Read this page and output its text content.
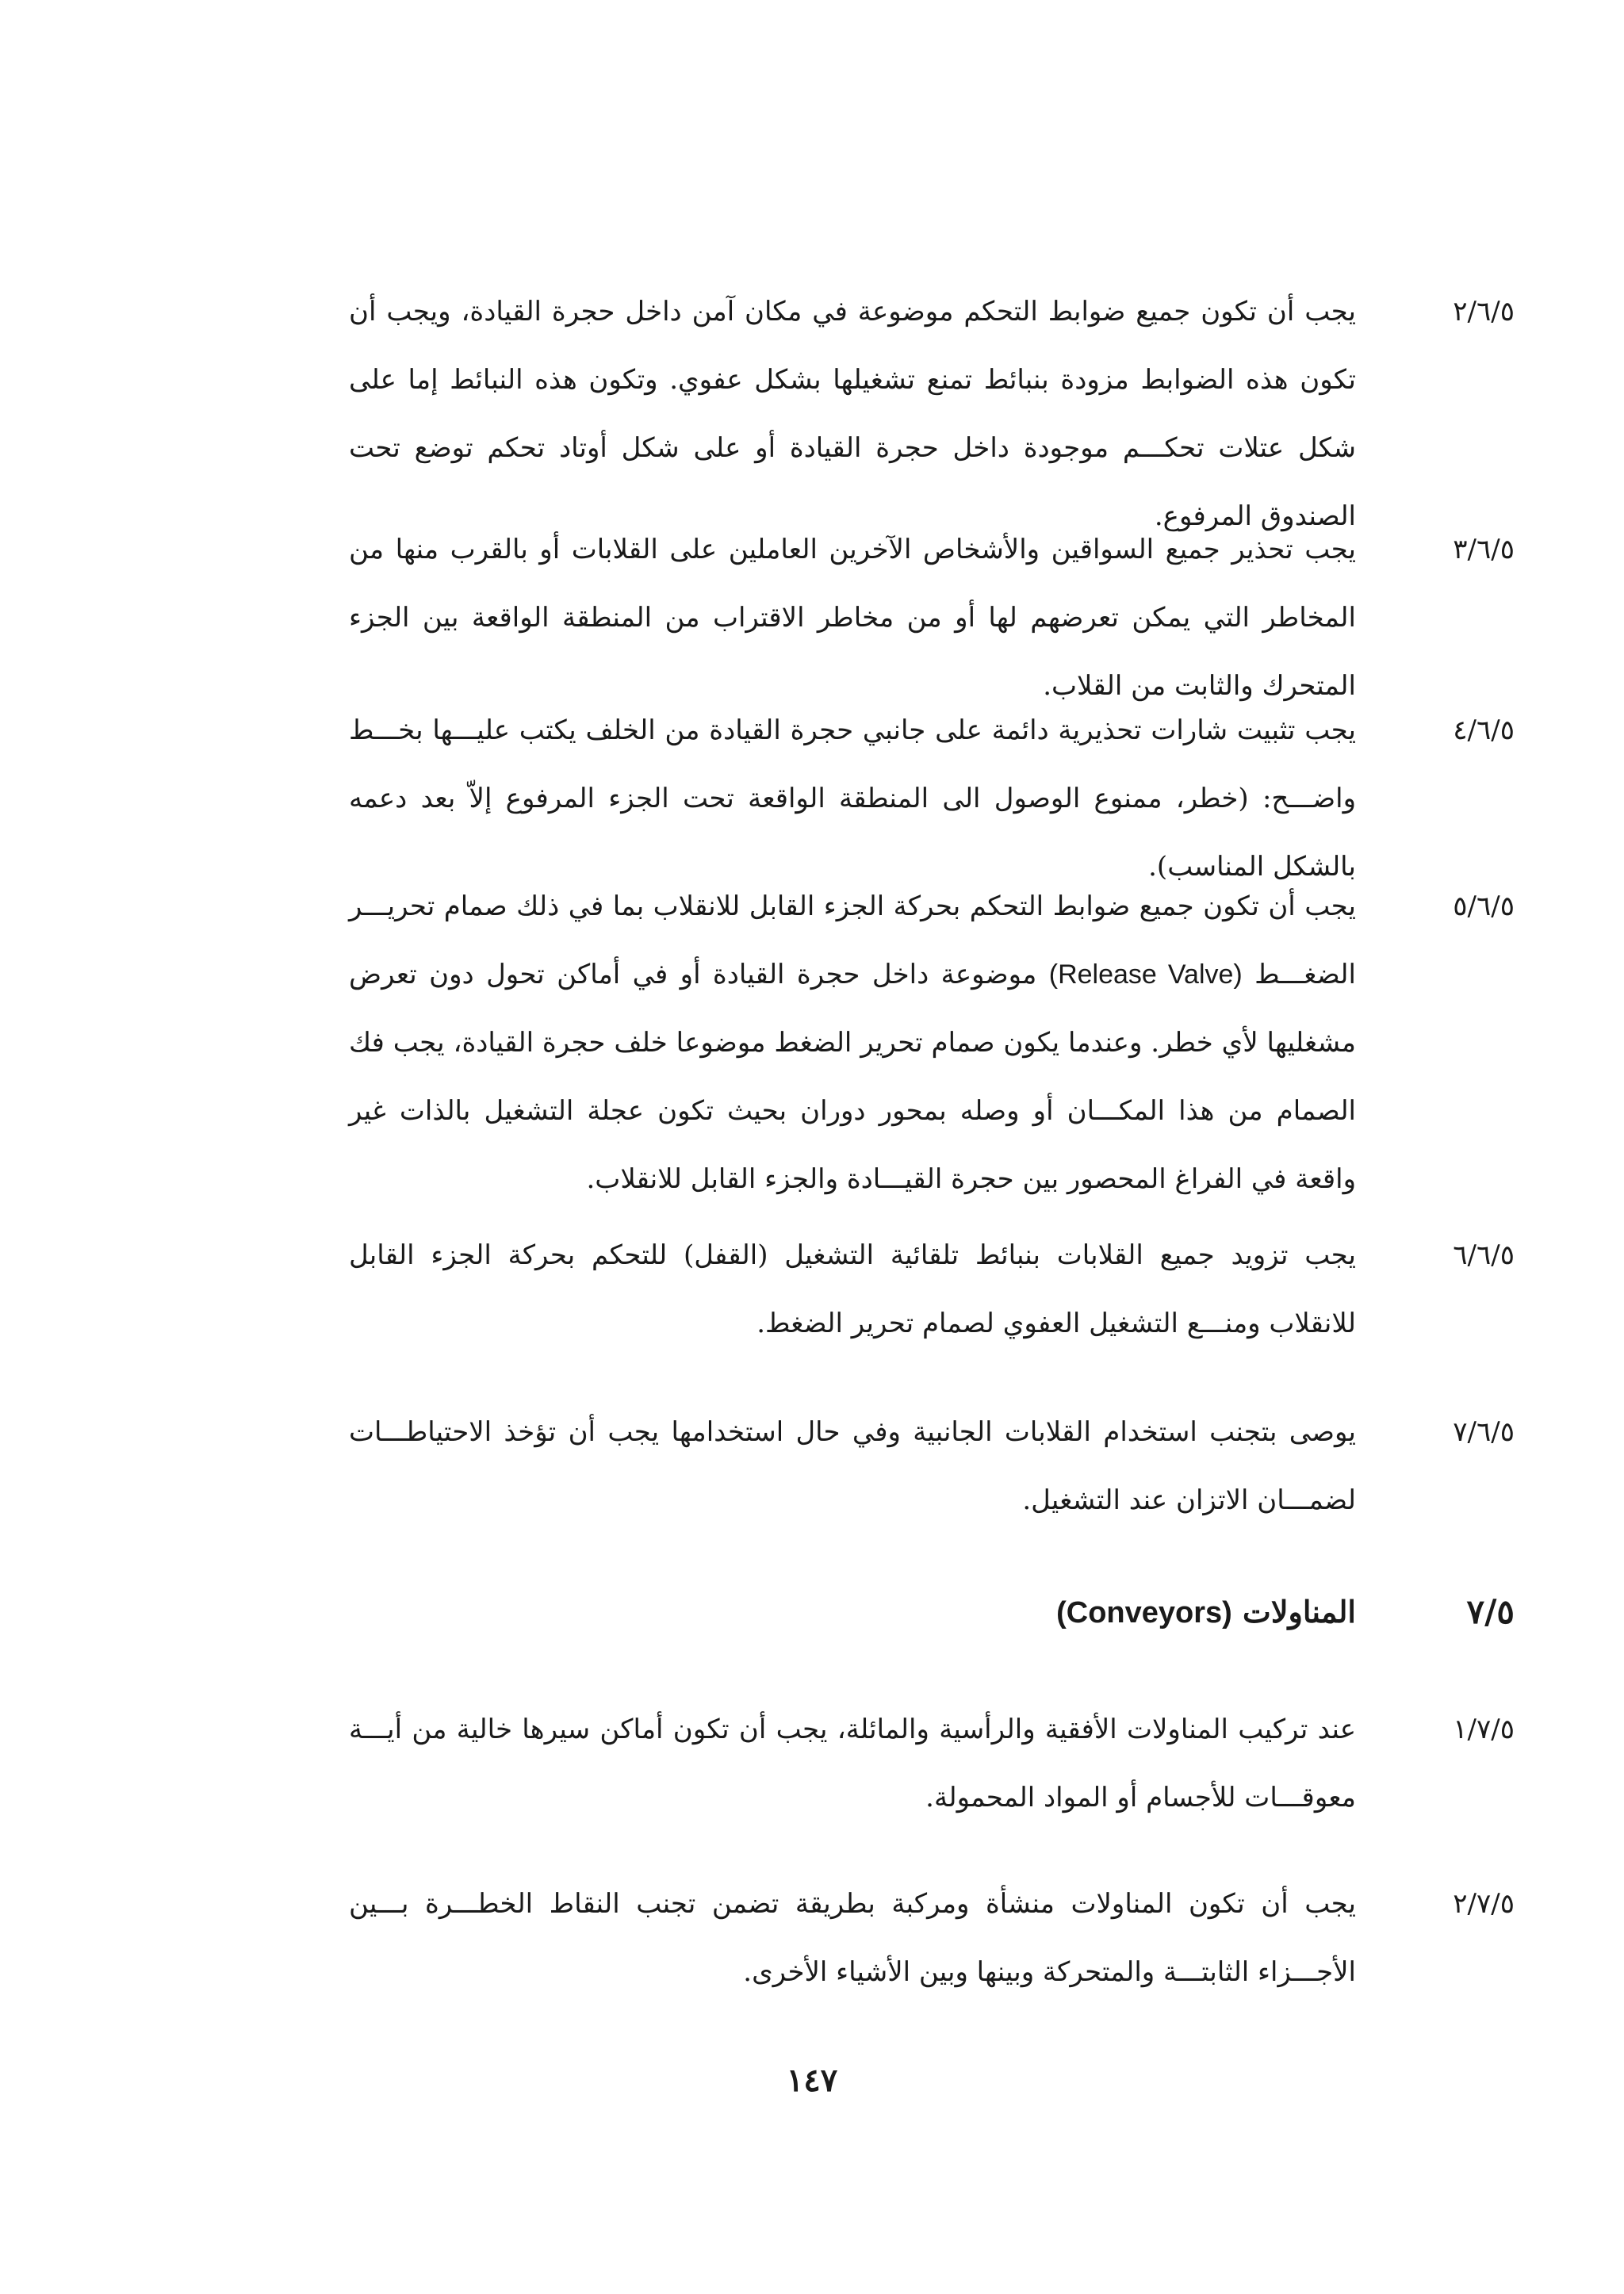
٢/٦/٥
يجب أن تكون جميع ضوابط التحكم موضوعة في مكان آمن داخل حجرة القيادة، ويجب أن تكون هذه الضوابط مزودة بنبائط تمنع تشغيلها بشكل عفوي. وتكون هذه النبائط إما على شكل عتلات تحكـــم موجودة داخل حجرة القيادة أو على شكل أوتاد تحكم توضع تحت الصندوق المرفوع.
٣/٦/٥
يجب تحذير جميع السواقين والأشخاص الآخرين العاملين على القلابات أو بالقرب منها من المخاطر التي يمكن تعرضهم لها أو من مخاطر الاقتراب من المنطقة الواقعة بين الجزء المتحرك والثابت من القلاب.
٤/٦/٥
يجب تثبيت شارات تحذيرية دائمة على جانبي حجرة القيادة من الخلف يكتب عليـــها بخـــط واضـــح: (خطر، ممنوع الوصول الى المنطقة الواقعة تحت الجزء المرفوع إلاّ بعد دعمه بالشكل المناسب).
٥/٦/٥
يجب أن تكون جميع ضوابط التحكم بحركة الجزء القابل للانقلاب بما في ذلك صمام تحريـــر الضغـــط (Release Valve) موضوعة داخل حجرة القيادة أو في أماكن تحول دون تعرض مشغليها لأي خطر. وعندما يكون صمام تحرير الضغط موضوعا خلف حجرة القيادة، يجب فك الصمام من هذا المكـــان أو وصله بمحور دوران بحيث تكون عجلة التشغيل بالذات غير واقعة في الفراغ المحصور بين حجرة القيـــادة والجزء القابل للانقلاب.
٦/٦/٥
يجب تزويد جميع القلابات بنبائط تلقائية التشغيل (القفل) للتحكم بحركة الجزء القابل للانقلاب ومنـــع التشغيل العفوي لصمام تحرير الضغط.
٧/٦/٥
يوصى بتجنب استخدام القلابات الجانبية وفي حال استخدامها يجب أن تؤخذ الاحتياطـــات لضمـــان الاتزان عند التشغيل.
٧/٥
المناولات (Conveyors)
١/٧/٥
عند تركيب المناولات الأفقية والرأسية والمائلة، يجب أن تكون أماكن سيرها خالية من أيـــة معوقـــات للأجسام أو المواد المحمولة.
٢/٧/٥
يجب أن تكون المناولات منشأة ومركبة بطريقة تضمن تجنب النقاط الخطـــرة بـــين الأجـــزاء الثابتـــة والمتحركة وبينها وبين الأشياء الأخرى.
١٤٧
